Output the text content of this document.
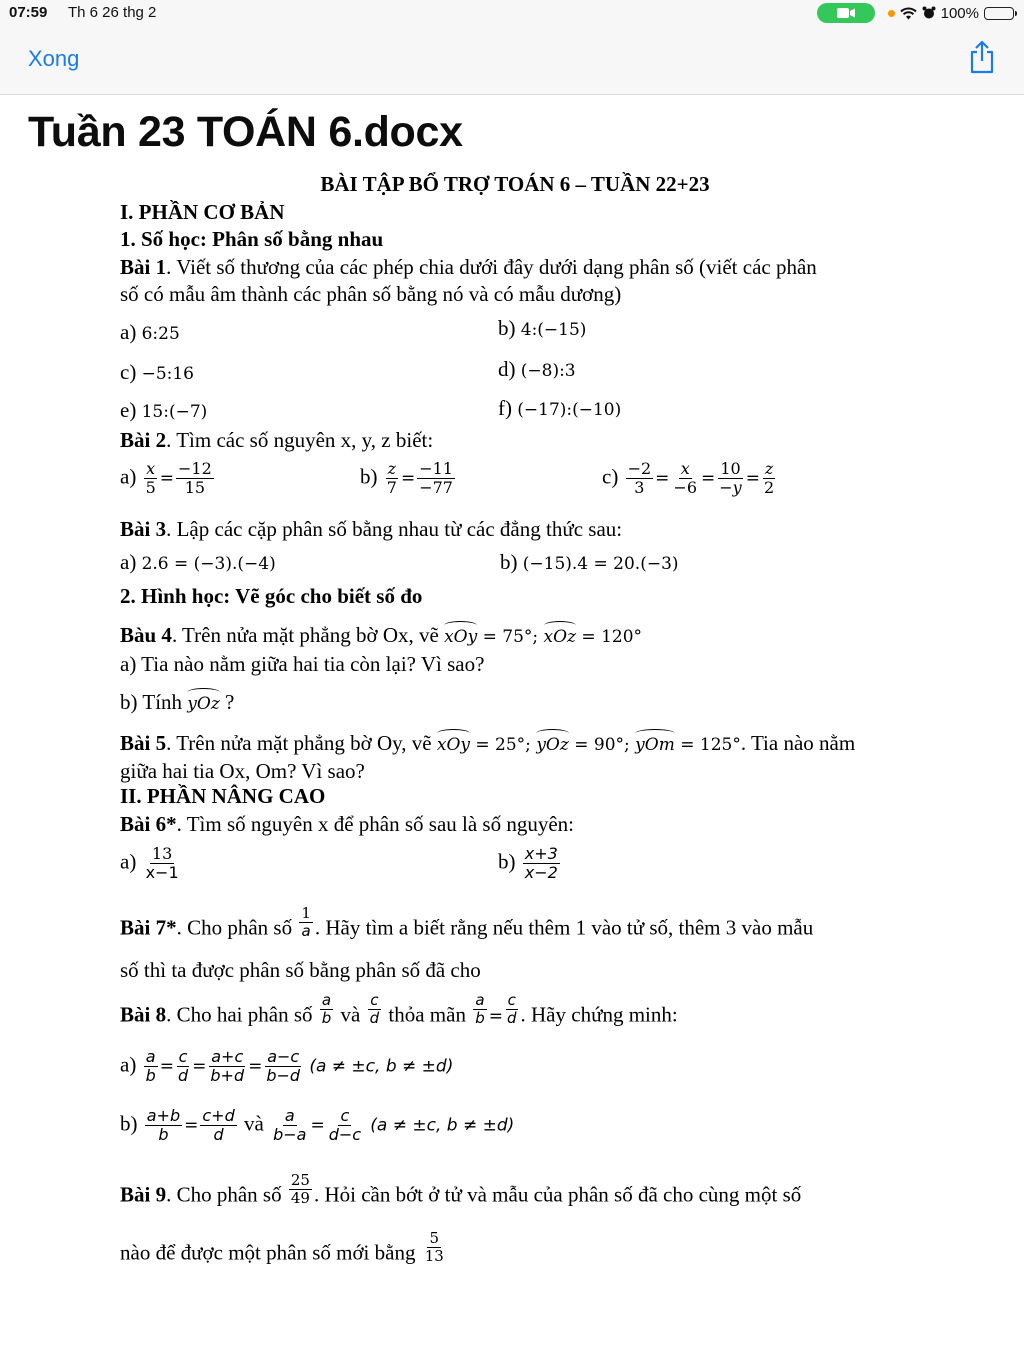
07:59 Th 6 26 thg 2	100%
Xong
Tuần 23 TOÁN 6.docx
BÀI TẬP BỔ TRỢ TOÁN 6 – TUẦN 22+23
I. PHẦN CƠ BẢN
1. Số học: Phân số bằng nhau
Bài 1. Viết số thương của các phép chia dưới đây dưới dạng phân số (viết các phân
số có mẫu âm thành các phân số bằng nó và có mẫu dương)
a) 6:25	b) 4:(−15)
c) −5:16	d) (−8):3
e) 15:(−7)	f) (−17):(−10)
Bài 2. Tìm các số nguyên x, y, z biết:
$a) \frac{x}{5} = \frac{-12}{15}$	$b) \frac{z}{7} = \frac{-11}{-77}$	$c) \frac{-2}{3} = \frac{x}{-6} = \frac{10}{-y} = \frac{z}{2}$
Bài 3. Lập các cặp phân số bằng nhau từ các đẳng thức sau:
a) 2.6 = (−3).(−4)	b) (−15).4 = 20.(−3)
2. Hình học: Vẽ góc cho biết số đo
Bàu 4. Trên nửa mặt phẳng bờ Ox, vẽ xOy = 75°; xOz = 120°
a) Tia nào nằm giữa hai tia còn lại? Vì sao?
b) Tính yOz ?
Bài 5. Trên nửa mặt phẳng bờ Oy, vẽ xOy = 25°; yOz = 90°; yOm = 125°. Tia nào nằm
giữa hai tia Ox, Om? Vì sao?
II. PHẦN NÂNG CAO
Bài 6*. Tìm số nguyên x để phân số sau là số nguyên:
$a) \frac{13}{x-1}$	$b) \frac{x+3}{x-2}$
Bài 7*. Cho phân số $\frac{1}{a}$ . Hãy tìm a biết rằng nếu thêm 1 vào tử số, thêm 3 vào mẫu
số thì ta được phân số bằng phân số đã cho
Bài 8. Cho hai phân số $\frac{a}{b}$ và $\frac{c}{d}$ thỏa mãn $\frac{a}{b} = \frac{c}{d}$ . Hãy chứng minh:
$a) \frac{a}{b} = \frac{c}{d} = \frac{a+c}{b+d} = \frac{a-c}{b-d} (a \ne \pm c$, b ≠ ±d)
$b) \frac{a+b}{b} = \frac{c+d}{d}$ và $\frac{a}{b-a} = \frac{c}{d-c} (a \ne \pm c$, b ≠ ±d)
Bài 9. Cho phân số $\frac{25}{49}$ . Hỏi cần bớt ở tử và mẫu của phân số đã cho cùng một số
nào để được một phân số mới bằng $\frac{5}{13}$
